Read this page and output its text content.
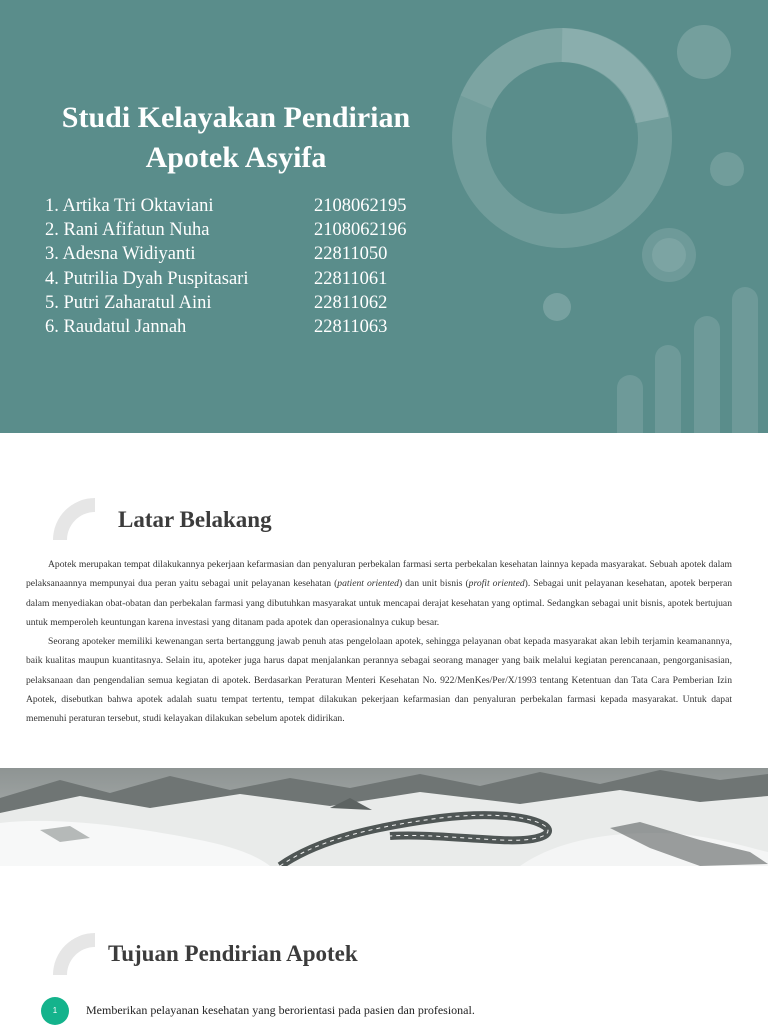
Studi Kelayakan Pendirian
Apotek Asyifa
1. Artika Tri Oktaviani	2108062195
2. Rani Afifatun Nuha	2108062196
3. Adesna Widiyanti	22811050
4. Putrilia Dyah Puspitasari	22811061
5. Putri Zaharatul Aini	22811062
6. Raudatul Jannah	22811063
Latar Belakang

Apotek merupakan tempat dilakukannya pekerjaan kefarmasian dan penyaluran perbekalan farmasi serta perbekalan kesehatan lainnya kepada masyarakat. Sebuah apotek dalam pelaksanaannya mempunyai dua peran yaitu sebagai unit pelayanan kesehatan (patient oriented) dan unit bisnis (profit oriented). Sebagai unit pelayanan kesehatan, apotek berperan dalam menyediakan obat-obatan dan perbekalan farmasi yang dibutuhkan masyarakat untuk mencapai derajat kesehatan yang optimal. Sedangkan sebagai unit bisnis, apotek bertujuan untuk memperoleh keuntungan karena investasi yang ditanam pada apotek dan operasionalnya cukup besar.

Seorang apoteker memiliki kewenangan serta bertanggung jawab penuh atas pengelolaan apotek, sehingga pelayanan obat kepada masyarakat akan lebih terjamin keamanannya, baik kualitas maupun kuantitasnya. Selain itu, apoteker juga harus dapat menjalankan perannya sebagai seorang manager yang baik melalui kegiatan perencanaan, pengorganisasian, pelaksanaan dan pengendalian semua kegiatan di apotek. Berdasarkan Peraturan Menteri Kesehatan No. 922/MenKes/Per/X/1993 tentang Ketentuan dan Tata Cara Pemberian Izin Apotek, disebutkan bahwa apotek adalah suatu tempat tertentu, tempat dilakukan pekerjaan kefarmasian dan penyaluran perbekalan farmasi kepada masyarakat. Untuk dapat memenuhi peraturan tersebut, studi kelayakan dilakukan sebelum apotek didirikan.

Tujuan Pendirian Apotek
1	Memberikan pelayanan kesehatan yang berorientasi pada pasien dan profesional.
